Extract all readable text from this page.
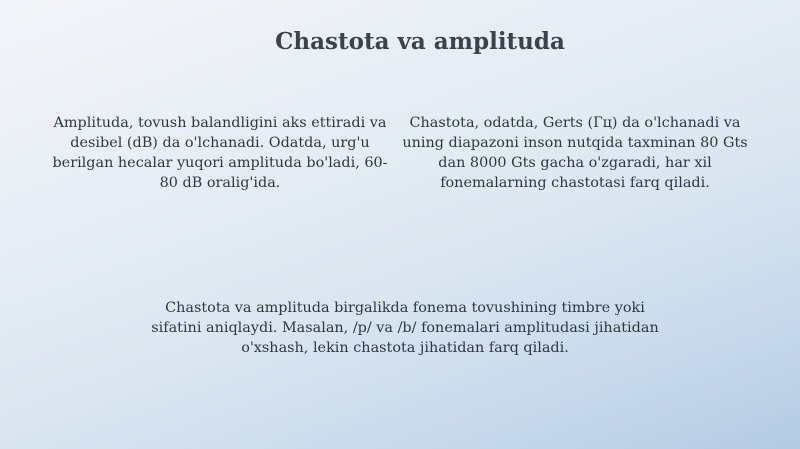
Chastota va amplituda

Amplituda, tovush balandligini aks ettiradi va desibel (dB) da o'lchanadi. Odatda, urg'u berilgan hecalar yuqori amplituda bo'ladi, 60-80 dB oralig'ida.

Chastota, odatda, Gerts (Гц) da o'lchanadi va uning diapazoni inson nutqida taxminan 80 Gts dan 8000 Gts gacha o'zgaradi, har xil fonemalarning chastotasi farq qiladi.

Chastota va amplituda birgalikda fonema tovushining timbre yoki sifatini aniqlaydi. Masalan, /p/ va /b/ fonemalari amplitudasi jihatidan o'xshash, lekin chastota jihatidan farq qiladi.
